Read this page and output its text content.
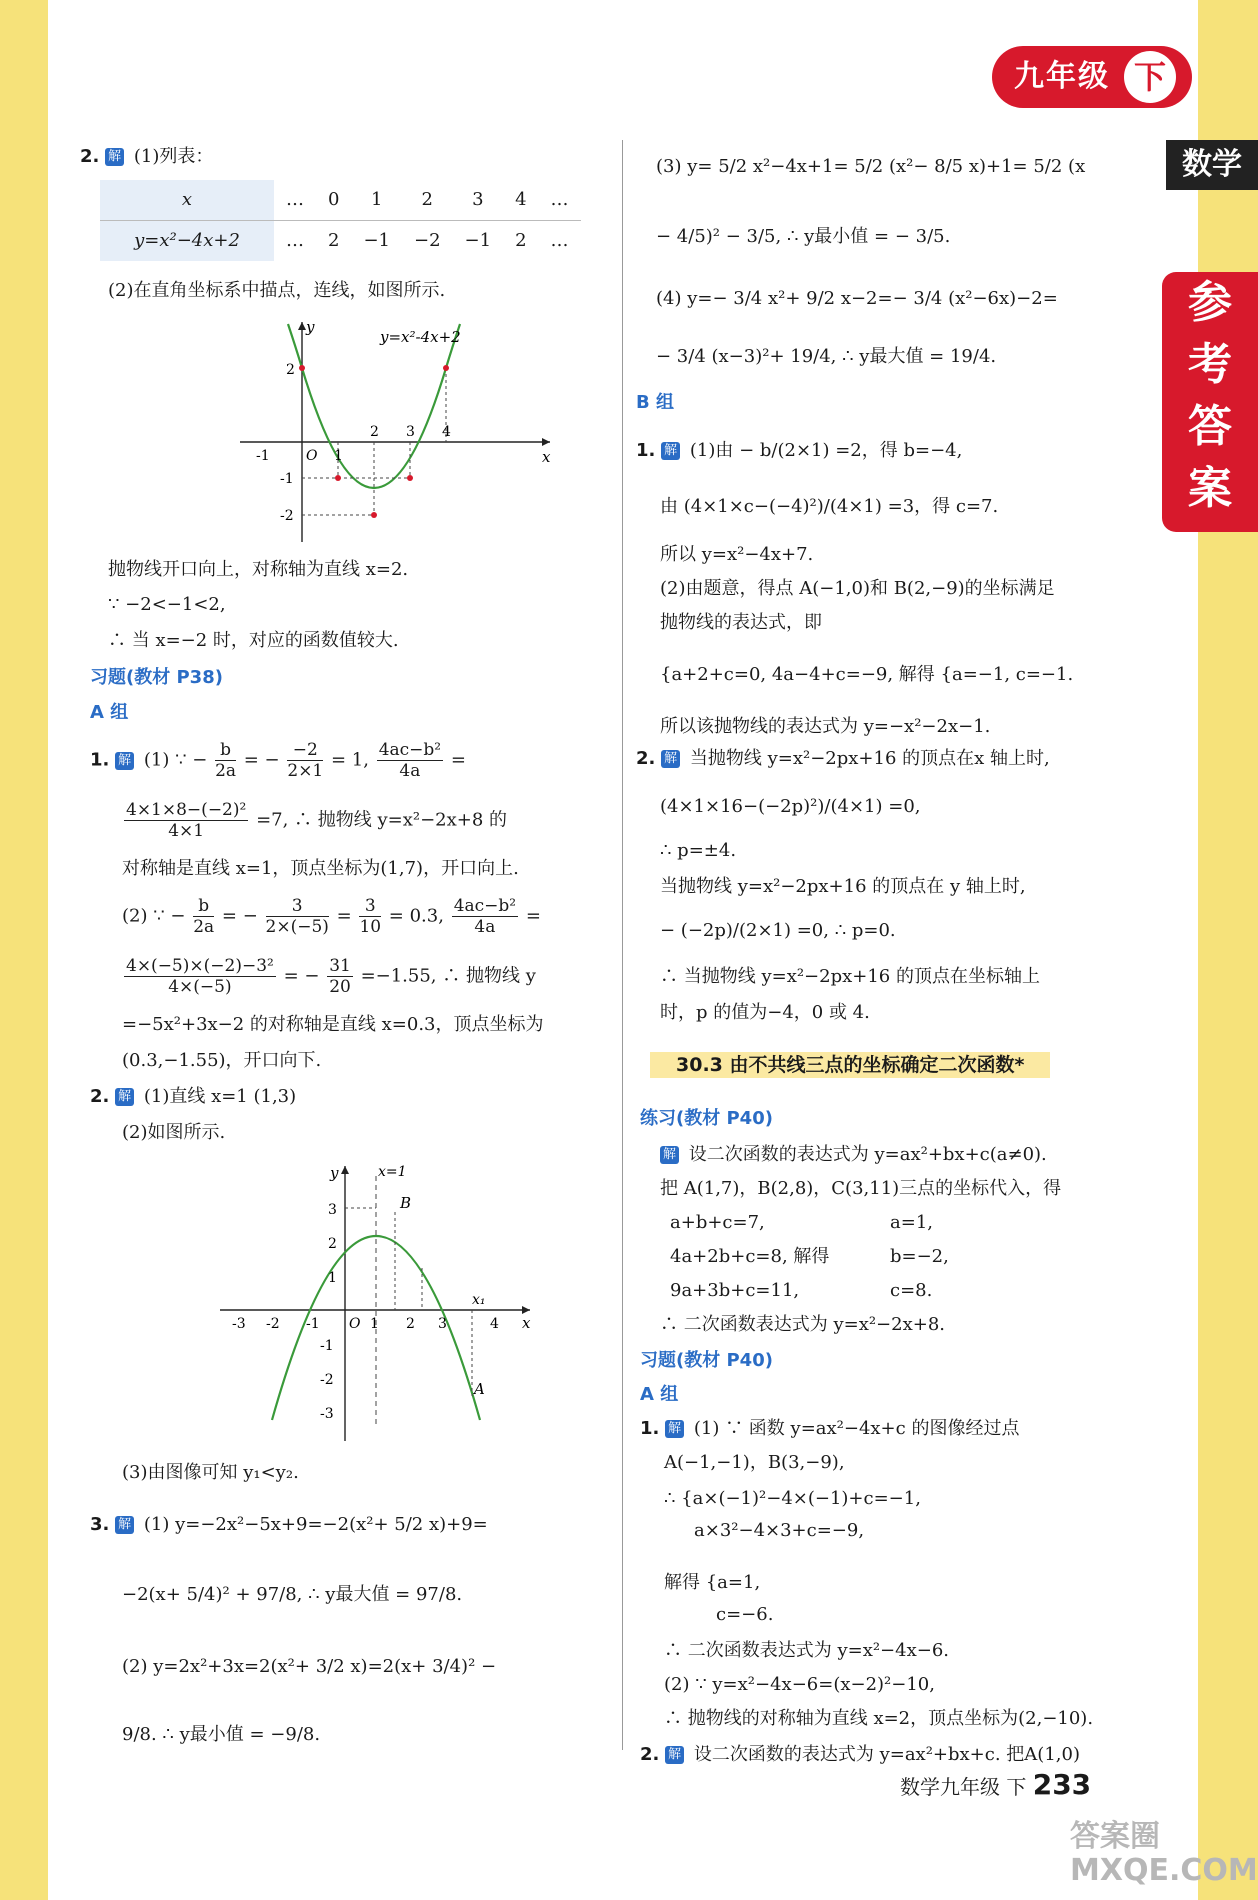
九年级 下
数学
参
考
答
案
2. 解 (1)列表：
x	…	0	1	2	3	4	…
y=x²−4x+2	…	2	−1	−2	−1	2	…
(2)在直角坐标系中描点，连线，如图所示.
y=x²-4x+2
y
x
O
-1	1
2 3 4
2
-1
-2
抛物线开口向上，对称轴为直线 x=2.
∵ −2<−1<2,
∴ 当 x=−2 时，对应的函数值较大.
习题(教材 P38)
A 组
1. 解 (1) ∵ − $\frac{b}{2a}$ = − $\frac{-2}{2\times 1} = 1$, $\frac{\text{4ac−b²}}{4a}$ =
$\frac{\text{4×1×8−(−2)²}}{4\times 1} =7$, ∴ 抛物线 y=x²−2x+8 的
对称轴是直线 x=1，顶点坐标为(1,7)，开口向上.
(2) ∵ − $\frac{b}{2a}$ = − $\frac{3}{2\times(-5)} = \frac{3}{10} = 0.3$, $\frac{\text{4ac−b²}}{4a}$ =
$\frac{\text{4×(−5)×(−2)−3²}}{4\times(-5)}$ = − $\frac{31}{20} =-1.55$, ∴ 抛物线 y
=−5x²+3x−2 的对称轴是直线 x=0.3，顶点坐标为
(0.3,−1.55)，开口向下.
2. 解 (1)直线 x=1 (1,3)
(2)如图所示.
x=1
B
x₁
A
y
x
O
-3 -2 -1	1 2 3	4
3
2
1
-1
-2
-3
(3)由图像可知 y₁<y₂.
3. 解 (1) y=−2x²−5x+9=−2(x²+ 5/2 x)+9=
−2(x+ 5/4)² + 97/8, ∴ y最大值 = 97/8.
(2) y=2x²+3x=2(x²+ 3/2 x)=2(x+ 3/4)² −
9/8. ∴ y最小值 = −9/8.
(3) y= 5/2 x²−4x+1= 5/2 (x²− 8/5 x)+1= 5/2 (x
− 4/5)² − 3/5, ∴ y最小值 = − 3/5.
(4) y=− 3/4 x²+ 9/2 x−2=− 3/4 (x²−6x)−2=
− 3/4 (x−3)²+ 19/4, ∴ y最大值 = 19/4.
B 组
1. 解 (1)由 − b/(2×1) =2，得 b=−4,
由 (4×1×c−(−4)²)/(4×1) =3，得 c=7.
所以 y=x²−4x+7.
(2)由题意，得点 A(−1,0)和 B(2,−9)的坐标满足
抛物线的表达式，即
{a+2+c=0, 4a−4+c=−9, 解得 {a=−1, c=−1.
所以该抛物线的表达式为 y=−x²−2x−1.
2. 解 当抛物线 y=x²−2px+16 的顶点在x 轴上时,
(4×1×16−(−2p)²)/(4×1) =0,
∴ p=±4.
当抛物线 y=x²−2px+16 的顶点在 y 轴上时,
− (−2p)/(2×1) =0, ∴ p=0.
∴ 当抛物线 y=x²−2px+16 的顶点在坐标轴上
时，p 的值为−4，0 或 4.
30.3 由不共线三点的坐标确定二次函数*
练习(教材 P40)
解 设二次函数的表达式为 y=ax²+bx+c(a≠0).
把 A(1,7)，B(2,8)，C(3,11)三点的坐标代入，得
a+b+c=7,
4a+2b+c=8, 解得
9a+3b+c=11,
a=1,
b=−2,
c=8.
∴ 二次函数表达式为 y=x²−2x+8.
习题(教材 P40)
A 组
1. 解 (1) ∵ 函数 y=ax²−4x+c 的图像经过点
A(−1,−1)，B(3,−9),
∴ {a×(−1)²−4×(−1)+c=−1,
a×3²−4×3+c=−9,
解得 {a=1,
c=−6.
∴ 二次函数表达式为 y=x²−4x−6.
(2) ∵ y=x²−4x−6=(x−2)²−10,
∴ 抛物线的对称轴为直线 x=2，顶点坐标为(2,−10).
2. 解 设二次函数的表达式为 y=ax²+bx+c. 把A(1,0)
数学九年级 下 233
答案圈 MXQE.COM
